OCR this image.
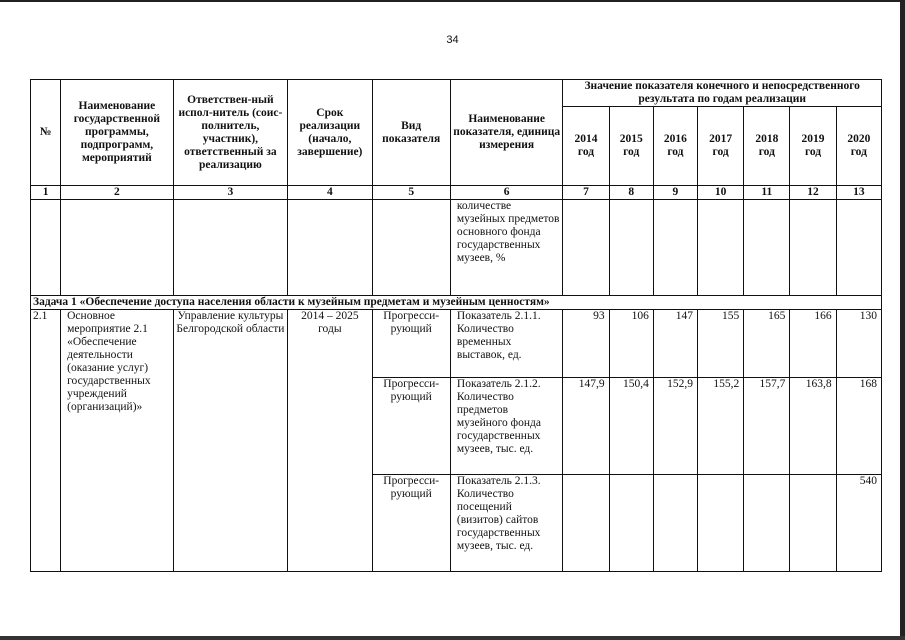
34
№	Наименование государственной программы, подпрограмм, мероприятий	Ответствен-ный испол-нитель (соис-полнитель, участник), ответственный за реализацию	Срок реализации (начало, завершение)	Вид показателя	Наименование показателя, единица измерения	Значение показателя конечного и непосредственного результата по годам реализации						
						2014 год	2015 год	2016 год	2017 год	2018 год	2019 год	2020 год
1	2	3	4	5	6	7	8	9	10	11	12	13
					количестве музейных предметов основного фонда государственных музеев, %							
Задача 1 «Обеспечение доступа населения области к музейным предметам и музейным ценностям»												
2.1	Основное мероприятие 2.1 «Обеспечение деятельности (оказание услуг) государственных учреждений (организаций)»	Управление культуры Белгородской области	2014 – 2025 годы	Прогресси-рующий	Показатель 2.1.1. Количество временных выставок, ед.	93	106	147	155	165	166	130
				Прогресси-рующий	Показатель 2.1.2. Количество предметов музейного фонда государственных музеев, тыс. ед.	147,9	150,4	152,9	155,2	157,7	163,8	168
				Прогресси-рующий	Показатель 2.1.3. Количество посещений (визитов) сайтов государственных музеев, тыс. ед.							540
